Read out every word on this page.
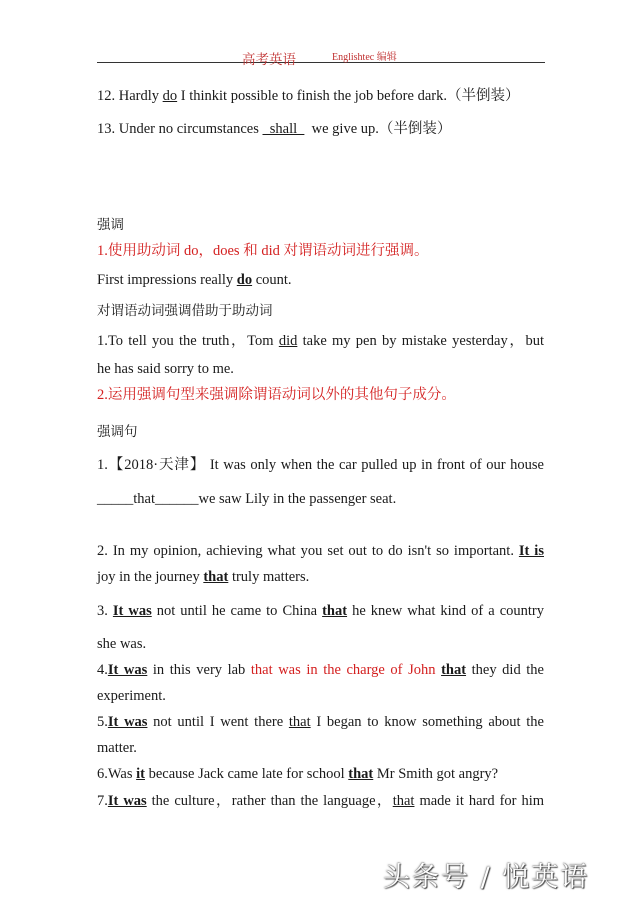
高考英语	Englishtec 编辑
12. Hardly do I thinkit possible to finish the job before dark.（半倒装）
13. Under no circumstances   shall    we give up.（半倒装）
强调
1.使用助动词 do，does 和 did 对谓语动词进行强调。
First impressions really do count.
对谓语动词强调借助于助动词
1.To tell you the truth，Tom did take my pen by mistake yesterday，but
he has said sorry to me.
2.运用强调句型来强调除谓语动词以外的其他句子成分。
强调句
1.【2018·天津】 It was only when the car pulled up in front of our house
_____that______we saw Lily in the passenger seat.
2. In my opinion, achieving what you set out to do isn't so important. It is
joy in the journey that truly matters.
3. It was not until he came to China that he knew what kind of a country
she was.
4.It was in this very lab that was in the charge of John that they did the
experiment.
5.It was not until I went there that I began to know something about the
matter.
6.Was it because Jack came late for school that Mr Smith got angry?
7.It was the culture，rather than the language，that made it hard for him
头条号 / 悦英语
